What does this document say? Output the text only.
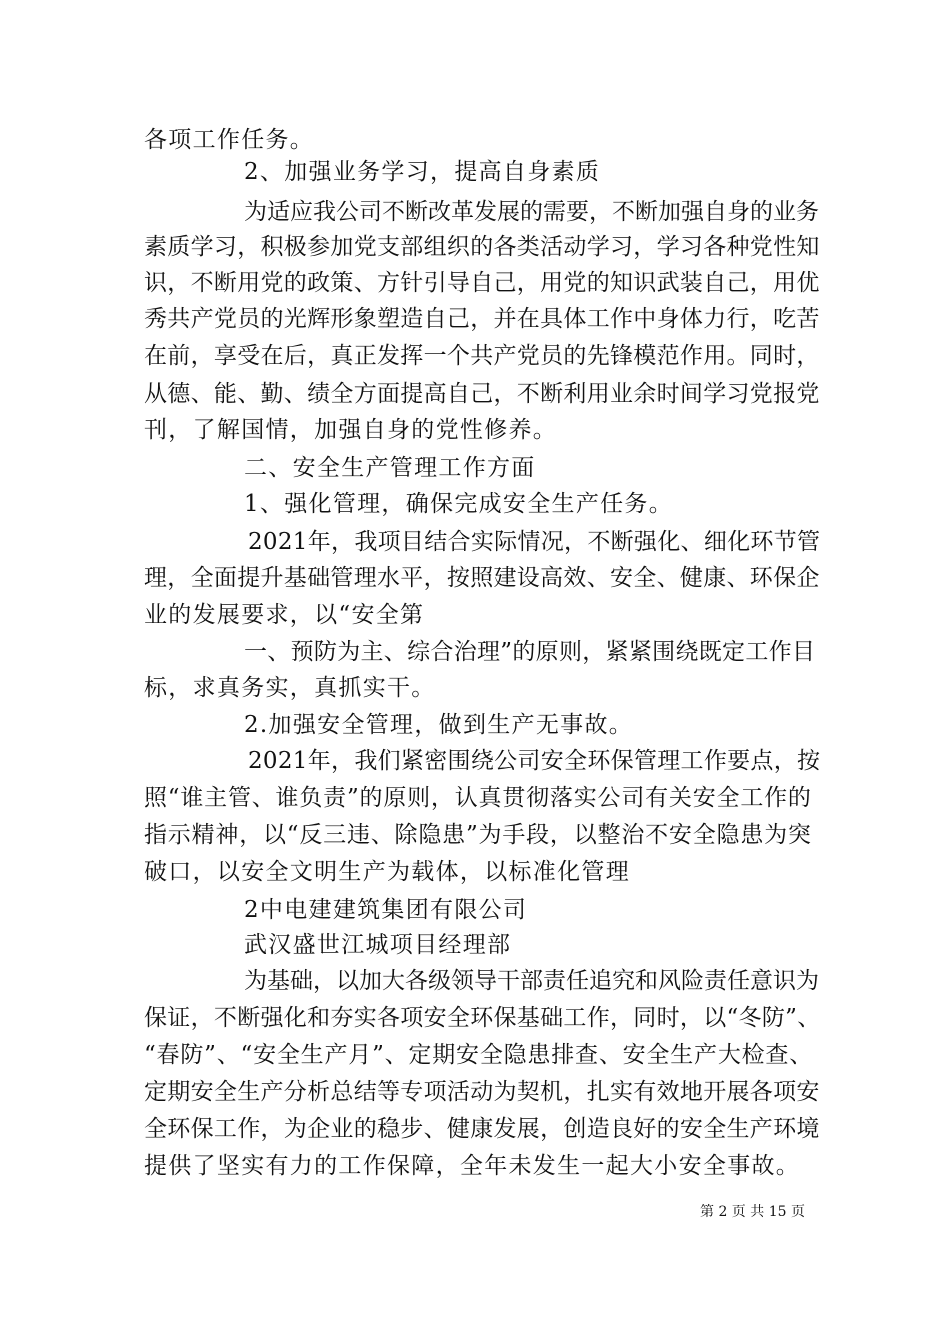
各项工作任务。
2、加强业务学习，提高自身素质
为适应我公司不断改革发展的需要，不断加强自身的业务
素质学习，积极参加党支部组织的各类活动学习，学习各种党性知
识，不断用党的政策、方针引导自己，用党的知识武装自己，用优
秀共产党员的光辉形象塑造自己，并在具体工作中身体力行，吃苦
在前，享受在后，真正发挥一个共产党员的先锋模范作用。同时，
从德、能、勤、绩全方面提高自己，不断利用业余时间学习党报党
刊，了解国情，加强自身的党性修养。
二、安全生产管理工作方面
1、强化管理，确保完成安全生产任务。
2021年，我项目结合实际情况，不断强化、细化环节管
理，全面提升基础管理水平，按照建设高效、安全、健康、环保企
业的发展要求，以“安全第
一、预防为主、综合治理”的原则，紧紧围绕既定工作目
标，求真务实，真抓实干。
2.加强安全管理，做到生产无事故。
2021年，我们紧密围绕公司安全环保管理工作要点，按
照“谁主管、谁负责”的原则，认真贯彻落实公司有关安全工作的
指示精神，以“反三违、除隐患”为手段，以整治不安全隐患为突
破口，以安全文明生产为载体，以标准化管理
2中电建建筑集团有限公司
武汉盛世江城项目经理部
为基础，以加大各级领导干部责任追究和风险责任意识为
保证，不断强化和夯实各项安全环保基础工作，同时，以“冬防”、
“春防”、“安全生产月”、定期安全隐患排查、安全生产大检查、
定期安全生产分析总结等专项活动为契机，扎实有效地开展各项安
全环保工作，为企业的稳步、健康发展，创造良好的安全生产环境
提供了坚实有力的工作保障，全年未发生一起大小安全事故。
第 2 页 共 15 页
